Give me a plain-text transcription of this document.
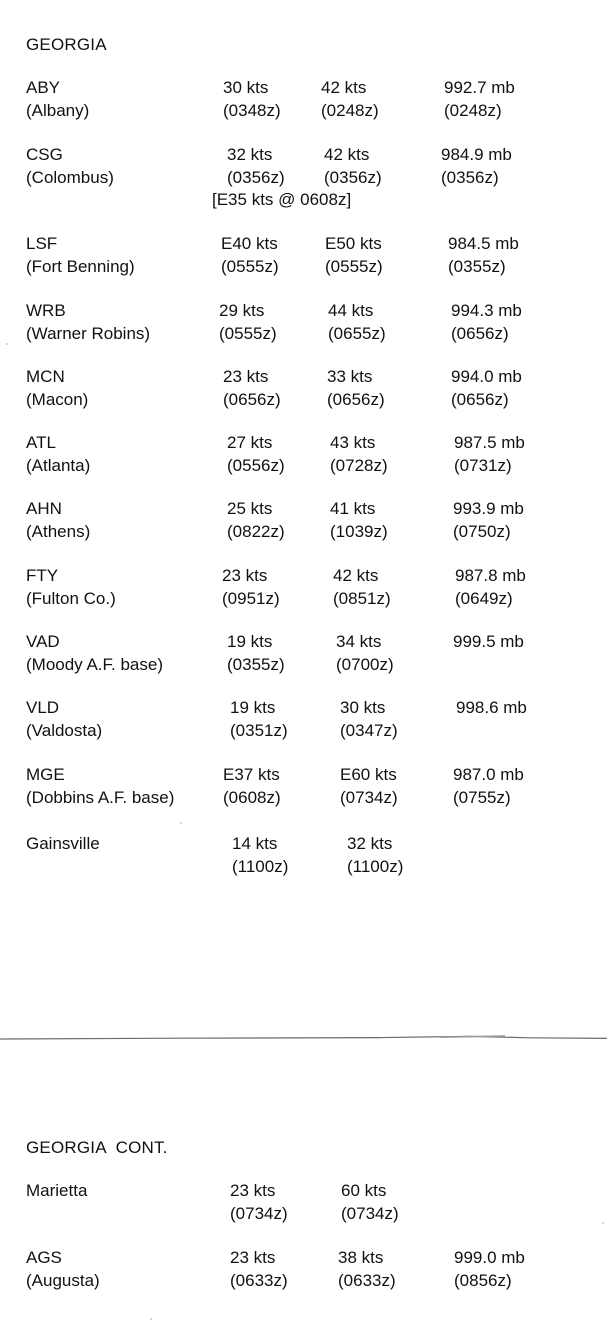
GEORGIA
ABY
(Albany)
30 kts
(0348z)
42 kts
(0248z)
992.7 mb
(0248z)
CSG
(Colombus)
32 kts
(0356z)
42 kts
(0356z)
984.9 mb
(0356z)
LSF
(Fort Benning)
E40 kts
(0555z)
E50 kts
(0555z)
984.5 mb
(0355z)
WRB
(Warner Robins)
29 kts
(0555z)
44 kts
(0655z)
994.3 mb
(0656z)
MCN
(Macon)
23 kts
(0656z)
33 kts
(0656z)
994.0 mb
(0656z)
ATL
(Atlanta)
27 kts
(0556z)
43 kts
(0728z)
987.5 mb
(0731z)
AHN
(Athens)
25 kts
(0822z)
41 kts
(1039z)
993.9 mb
(0750z)
FTY
(Fulton Co.)
23 kts
(0951z)
42 kts
(0851z)
987.8 mb
(0649z)
VAD
(Moody A.F. base)
19 kts
(0355z)
34 kts
(0700z)
999.5 mb
VLD
(Valdosta)
19 kts
(0351z)
30 kts
(0347z)
998.6 mb
MGE
(Dobbins A.F. base)
E37 kts
(0608z)
E60 kts
(0734z)
987.0 mb
(0755z)
Gainsville	14 kts
(1100z)
32 kts
(1100z)
[E35 kts @ 0608z]
GEORGIA  CONT.
Marietta	23 kts
(0734z)
60 kts
(0734z)
AGS
(Augusta)
23 kts
(0633z)
38 kts
(0633z)
999.0 mb
(0856z)
